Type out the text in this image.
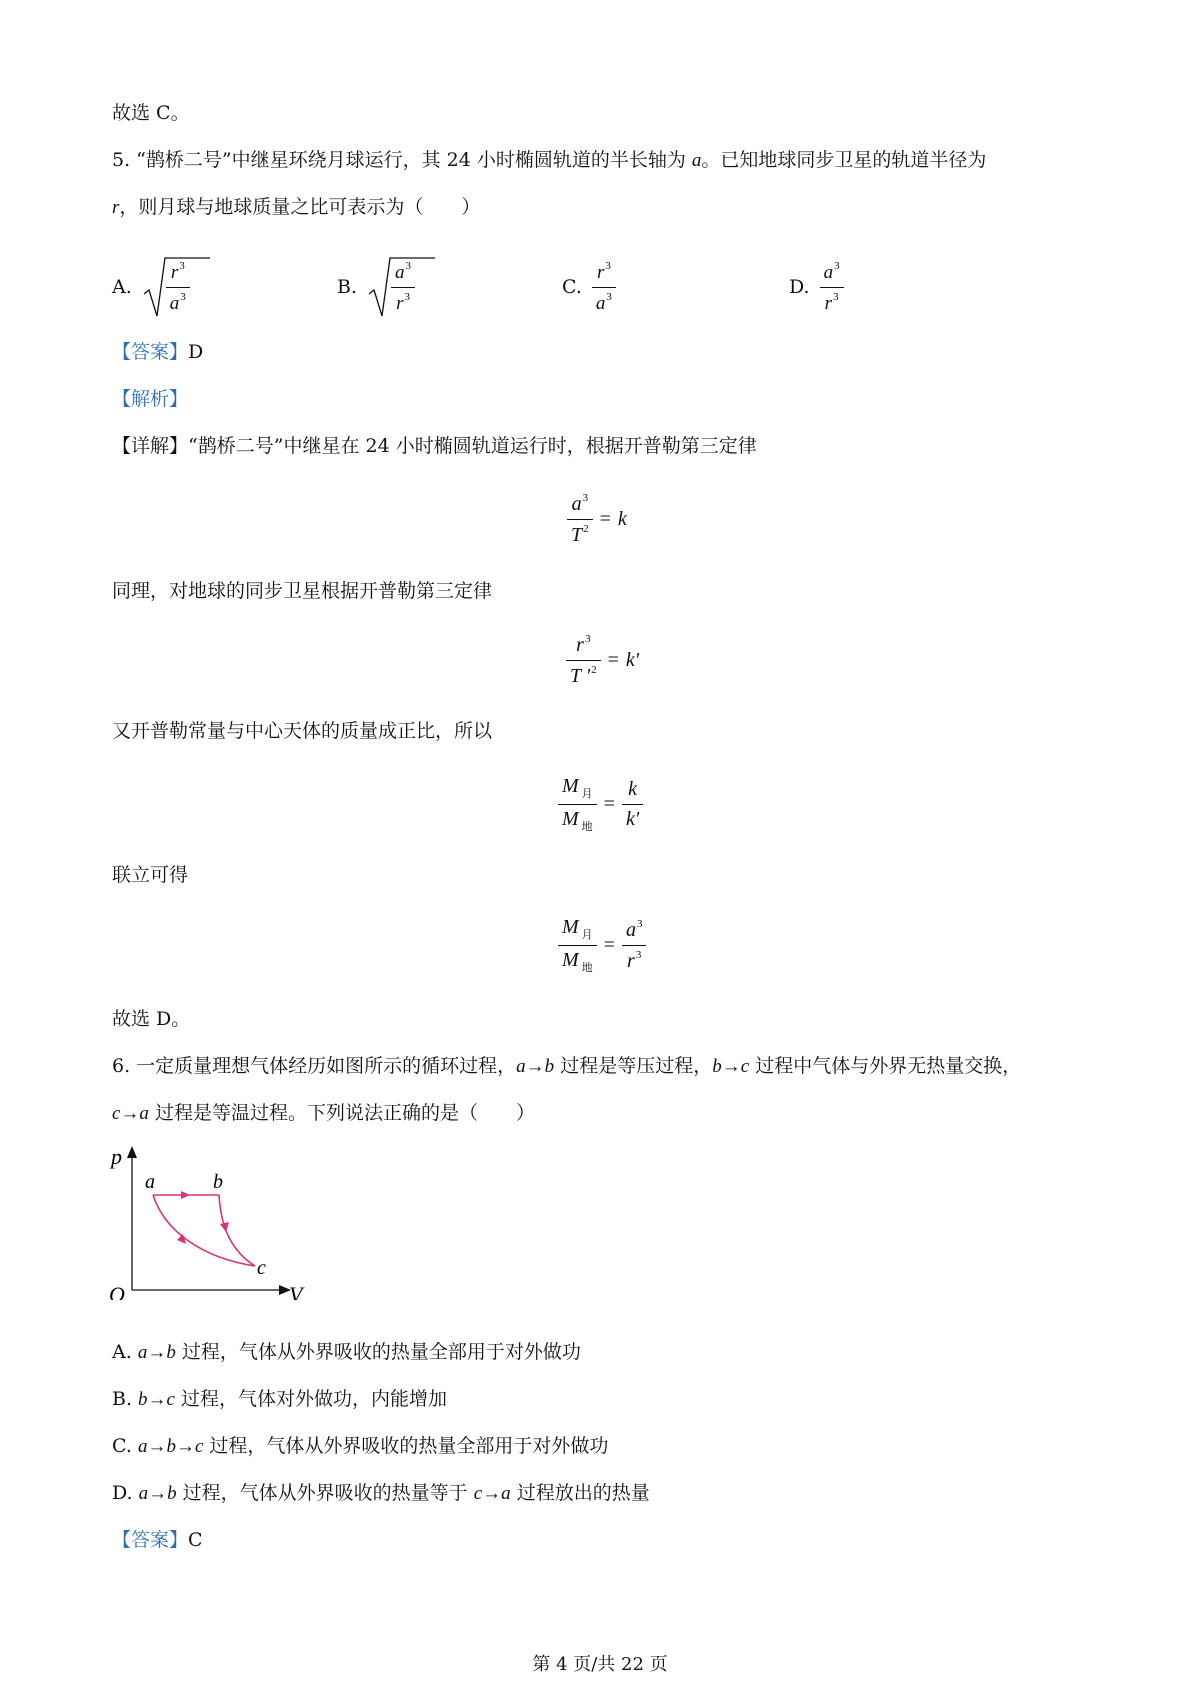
故选 C。
5. “鹊桥二号”中继星环绕月球运行，其 24 小时椭圆轨道的半长轴为 a。已知地球同步卫星的轨道半径为
r，则月球与地球质量之比可表示为（　　）
A. $\frac{r^3}{a^3}$	B. $\frac{a^3}{r^3}$	C. $\frac{r^3}{a^3}$	D. $\frac{a^3}{r^3}$
【答案】D
【解析】
【详解】“鹊桥二号”中继星在 24 小时椭圆轨道运行时，根据开普勒第三定律
$\frac{a^3}{T^2} = k$
同理，对地球的同步卫星根据开普勒第三定律
$\frac{r^3}{T '^2} = k'$
又开普勒常量与中心天体的质量成正比，所以
$\frac{M _月}{M _地} = \frac{k}{k'}$
联立可得
$\frac{M _月}{M _地} = \frac{a^3}{r^3}$
故选 D。
6. 一定质量理想气体经历如图所示的循环过程，a→b 过程是等压过程，b→c 过程中气体与外界无热量交换，
c→a 过程是等温过程。下列说法正确的是（　　）
p
V
O
a	b
c
A. a→b 过程，气体从外界吸收的热量全部用于对外做功
B. b→c 过程，气体对外做功，内能增加
C. a→b→c 过程，气体从外界吸收的热量全部用于对外做功
D. a→b 过程，气体从外界吸收的热量等于 c→a 过程放出的热量
【答案】C
第 4 页/共 22 页
